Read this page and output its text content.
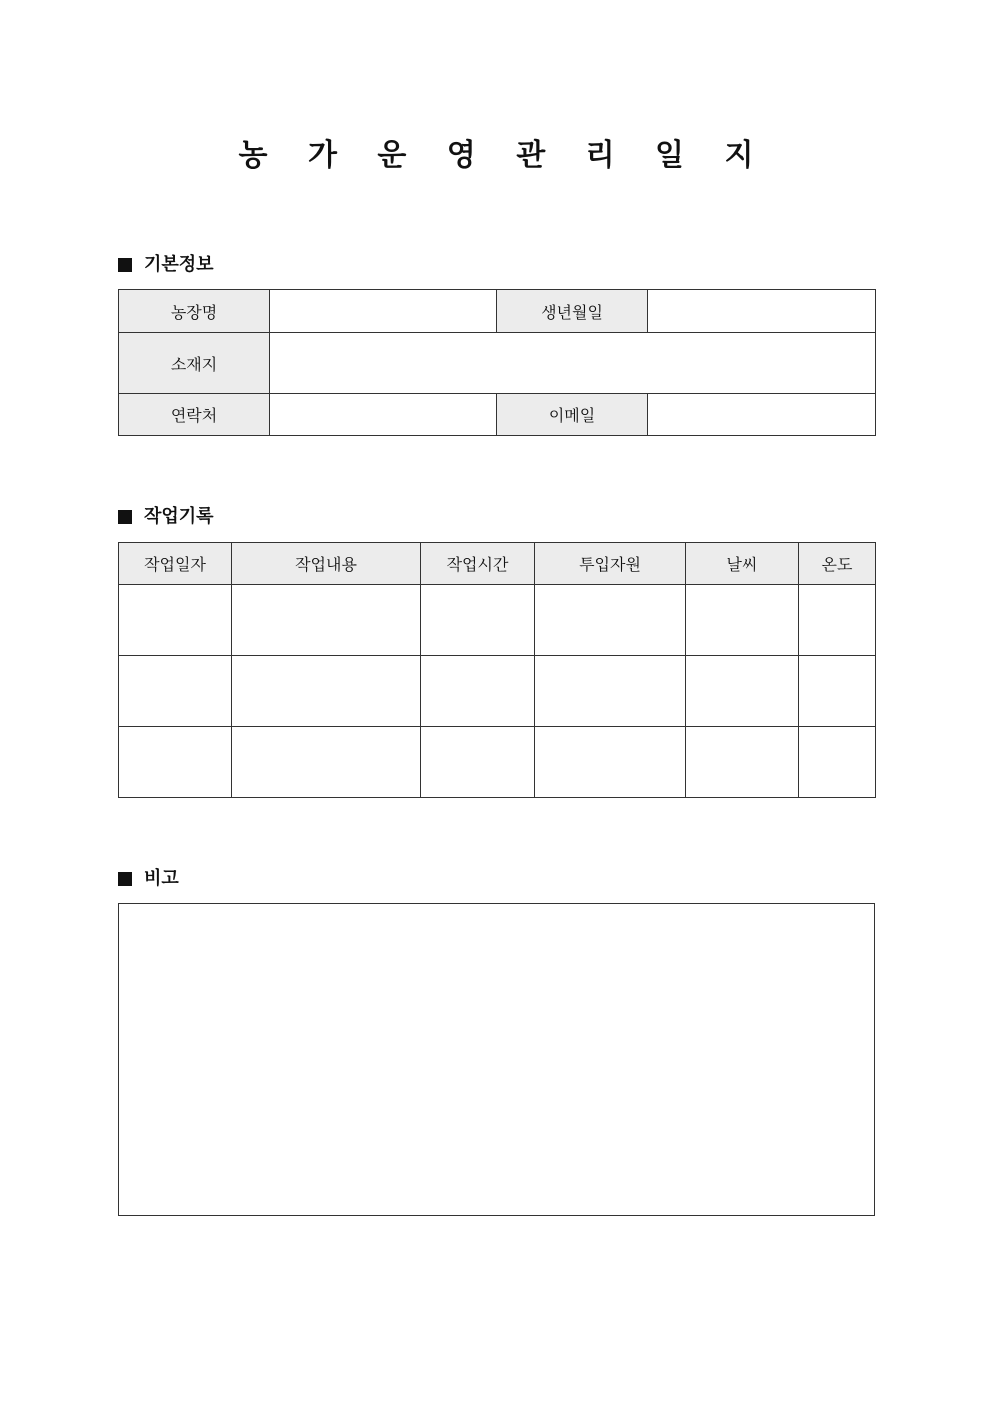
농 가 운 영 관 리 일 지
기본정보
농장명		생년월일	
소재지			
연락처		이메일	
작업기록
작업일자	작업내용	작업시간	투입자원	날씨	온도

비고
